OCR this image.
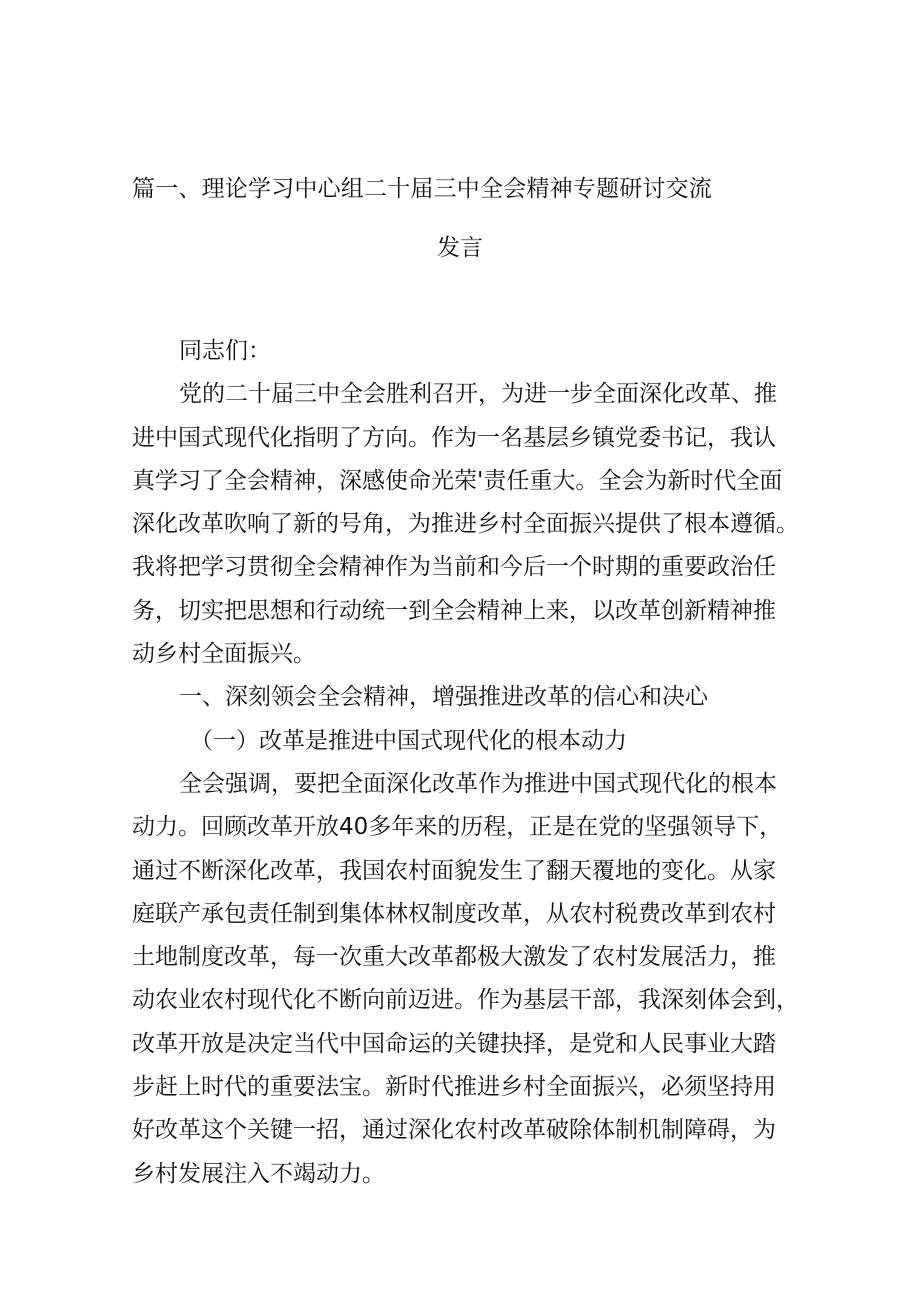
篇一、理论学习中心组二十届三中全会精神专题研讨交流
发言
同志们：
党的二十届三中全会胜利召开，为进一步全面深化改革、推
进中国式现代化指明了方向。作为一名基层乡镇党委书记，我认
真学习了全会精神，深感使命光荣'责任重大。全会为新时代全面
深化改革吹响了新的号角，为推进乡村全面振兴提供了根本遵循。
我将把学习贯彻全会精神作为当前和今后一个时期的重要政治任
务，切实把思想和行动统一到全会精神上来，以改革创新精神推
动乡村全面振兴。
一、深刻领会全会精神，增强推进改革的信心和决心
（一）改革是推进中国式现代化的根本动力
全会强调，要把全面深化改革作为推进中国式现代化的根本
动力。回顾改革开放40多年来的历程，正是在党的坚强领导下，
通过不断深化改革，我国农村面貌发生了翻天覆地的变化。从家
庭联产承包责任制到集体林权制度改革，从农村税费改革到农村
土地制度改革，每一次重大改革都极大激发了农村发展活力，推
动农业农村现代化不断向前迈进。作为基层干部，我深刻体会到，
改革开放是决定当代中国命运的关键抉择，是党和人民事业大踏
步赶上时代的重要法宝。新时代推进乡村全面振兴，必须坚持用
好改革这个关键一招，通过深化农村改革破除体制机制障碍，为
乡村发展注入不竭动力。
